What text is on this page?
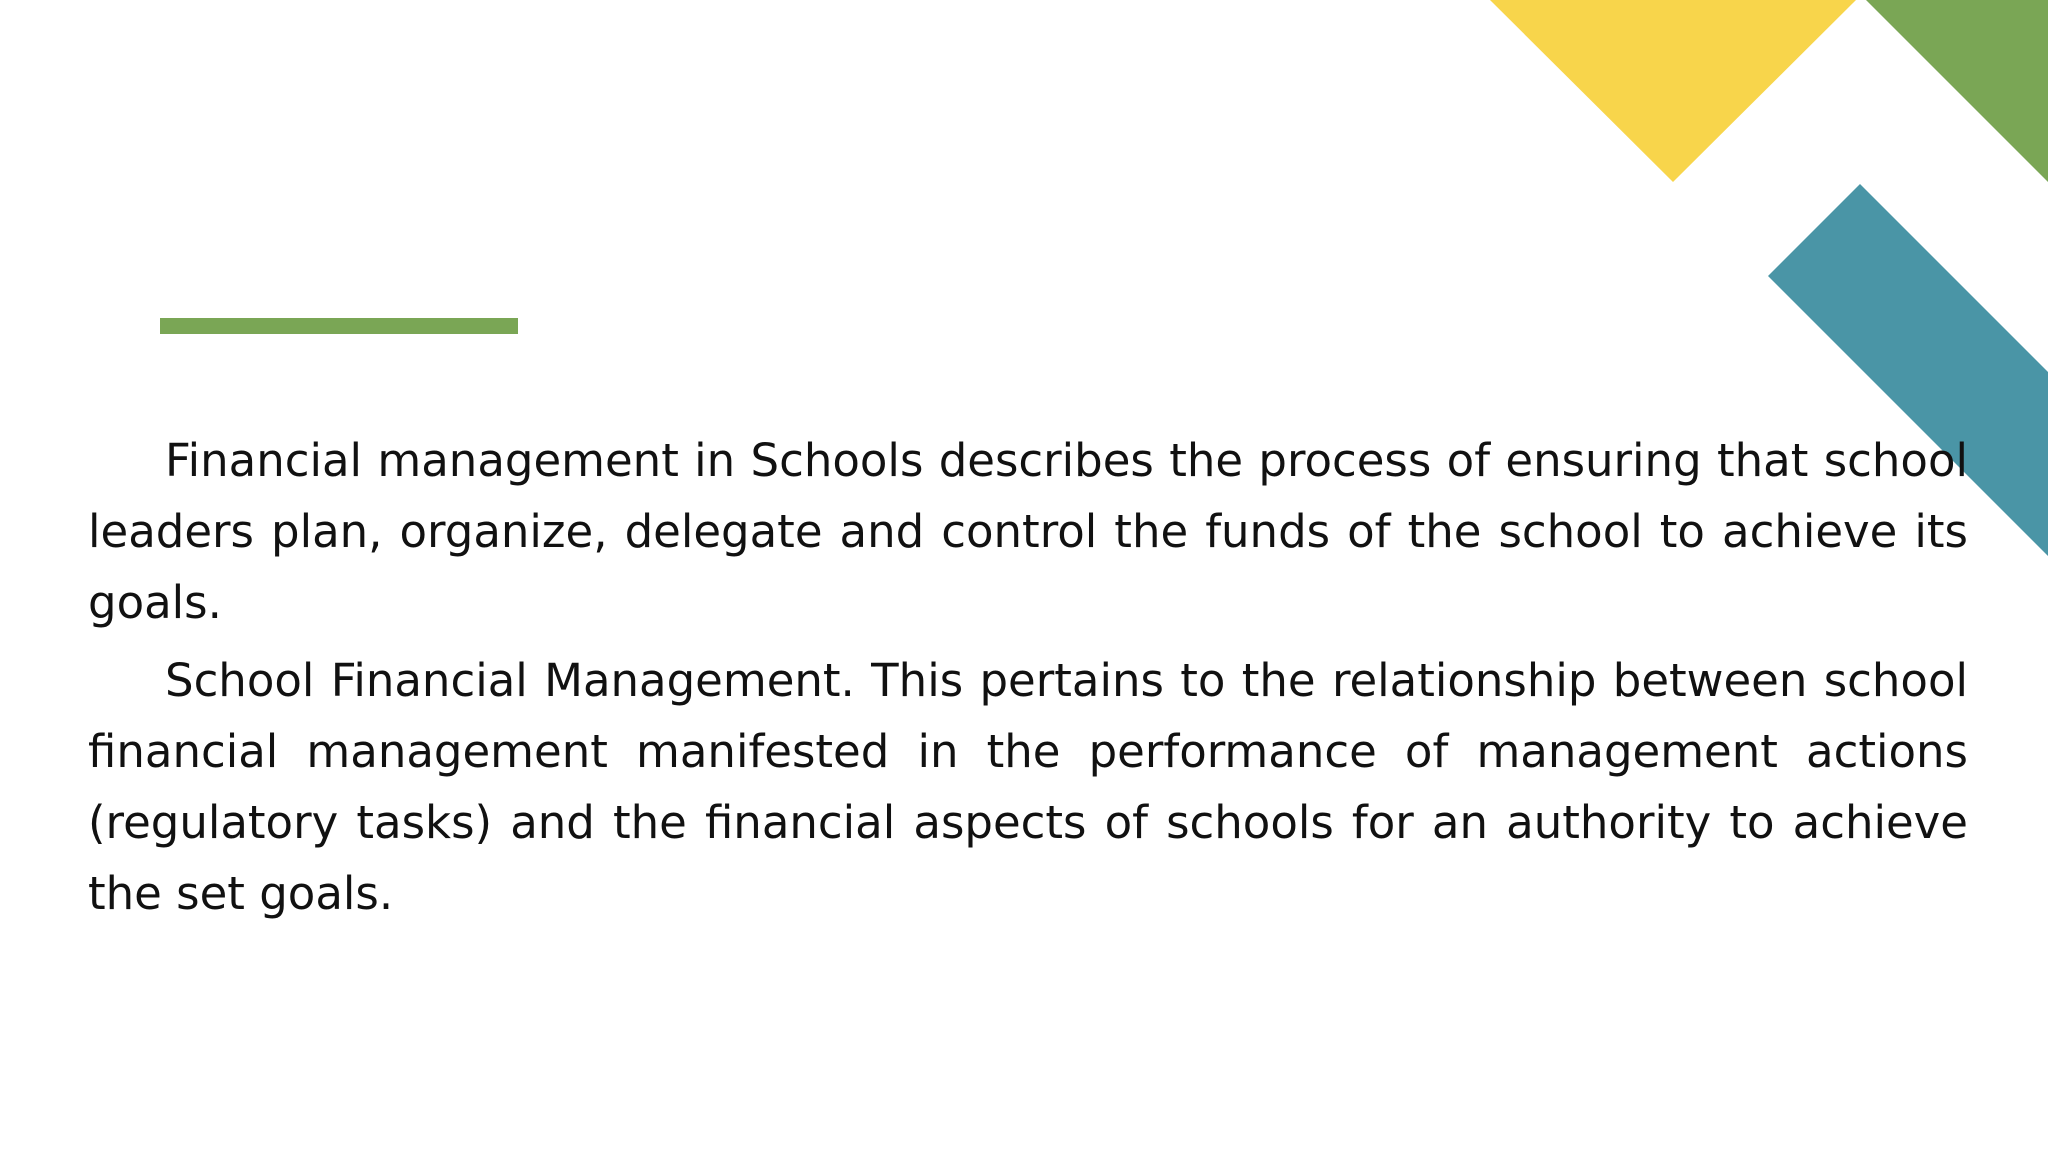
Financial management in Schools describes the process of ensuring that school leaders plan, organize, delegate and control the funds of the school to achieve its goals.

School Financial Management. This pertains to the relationship between school financial management manifested in the performance of management actions (regulatory tasks) and the financial aspects of schools for an authority to achieve the set goals.
